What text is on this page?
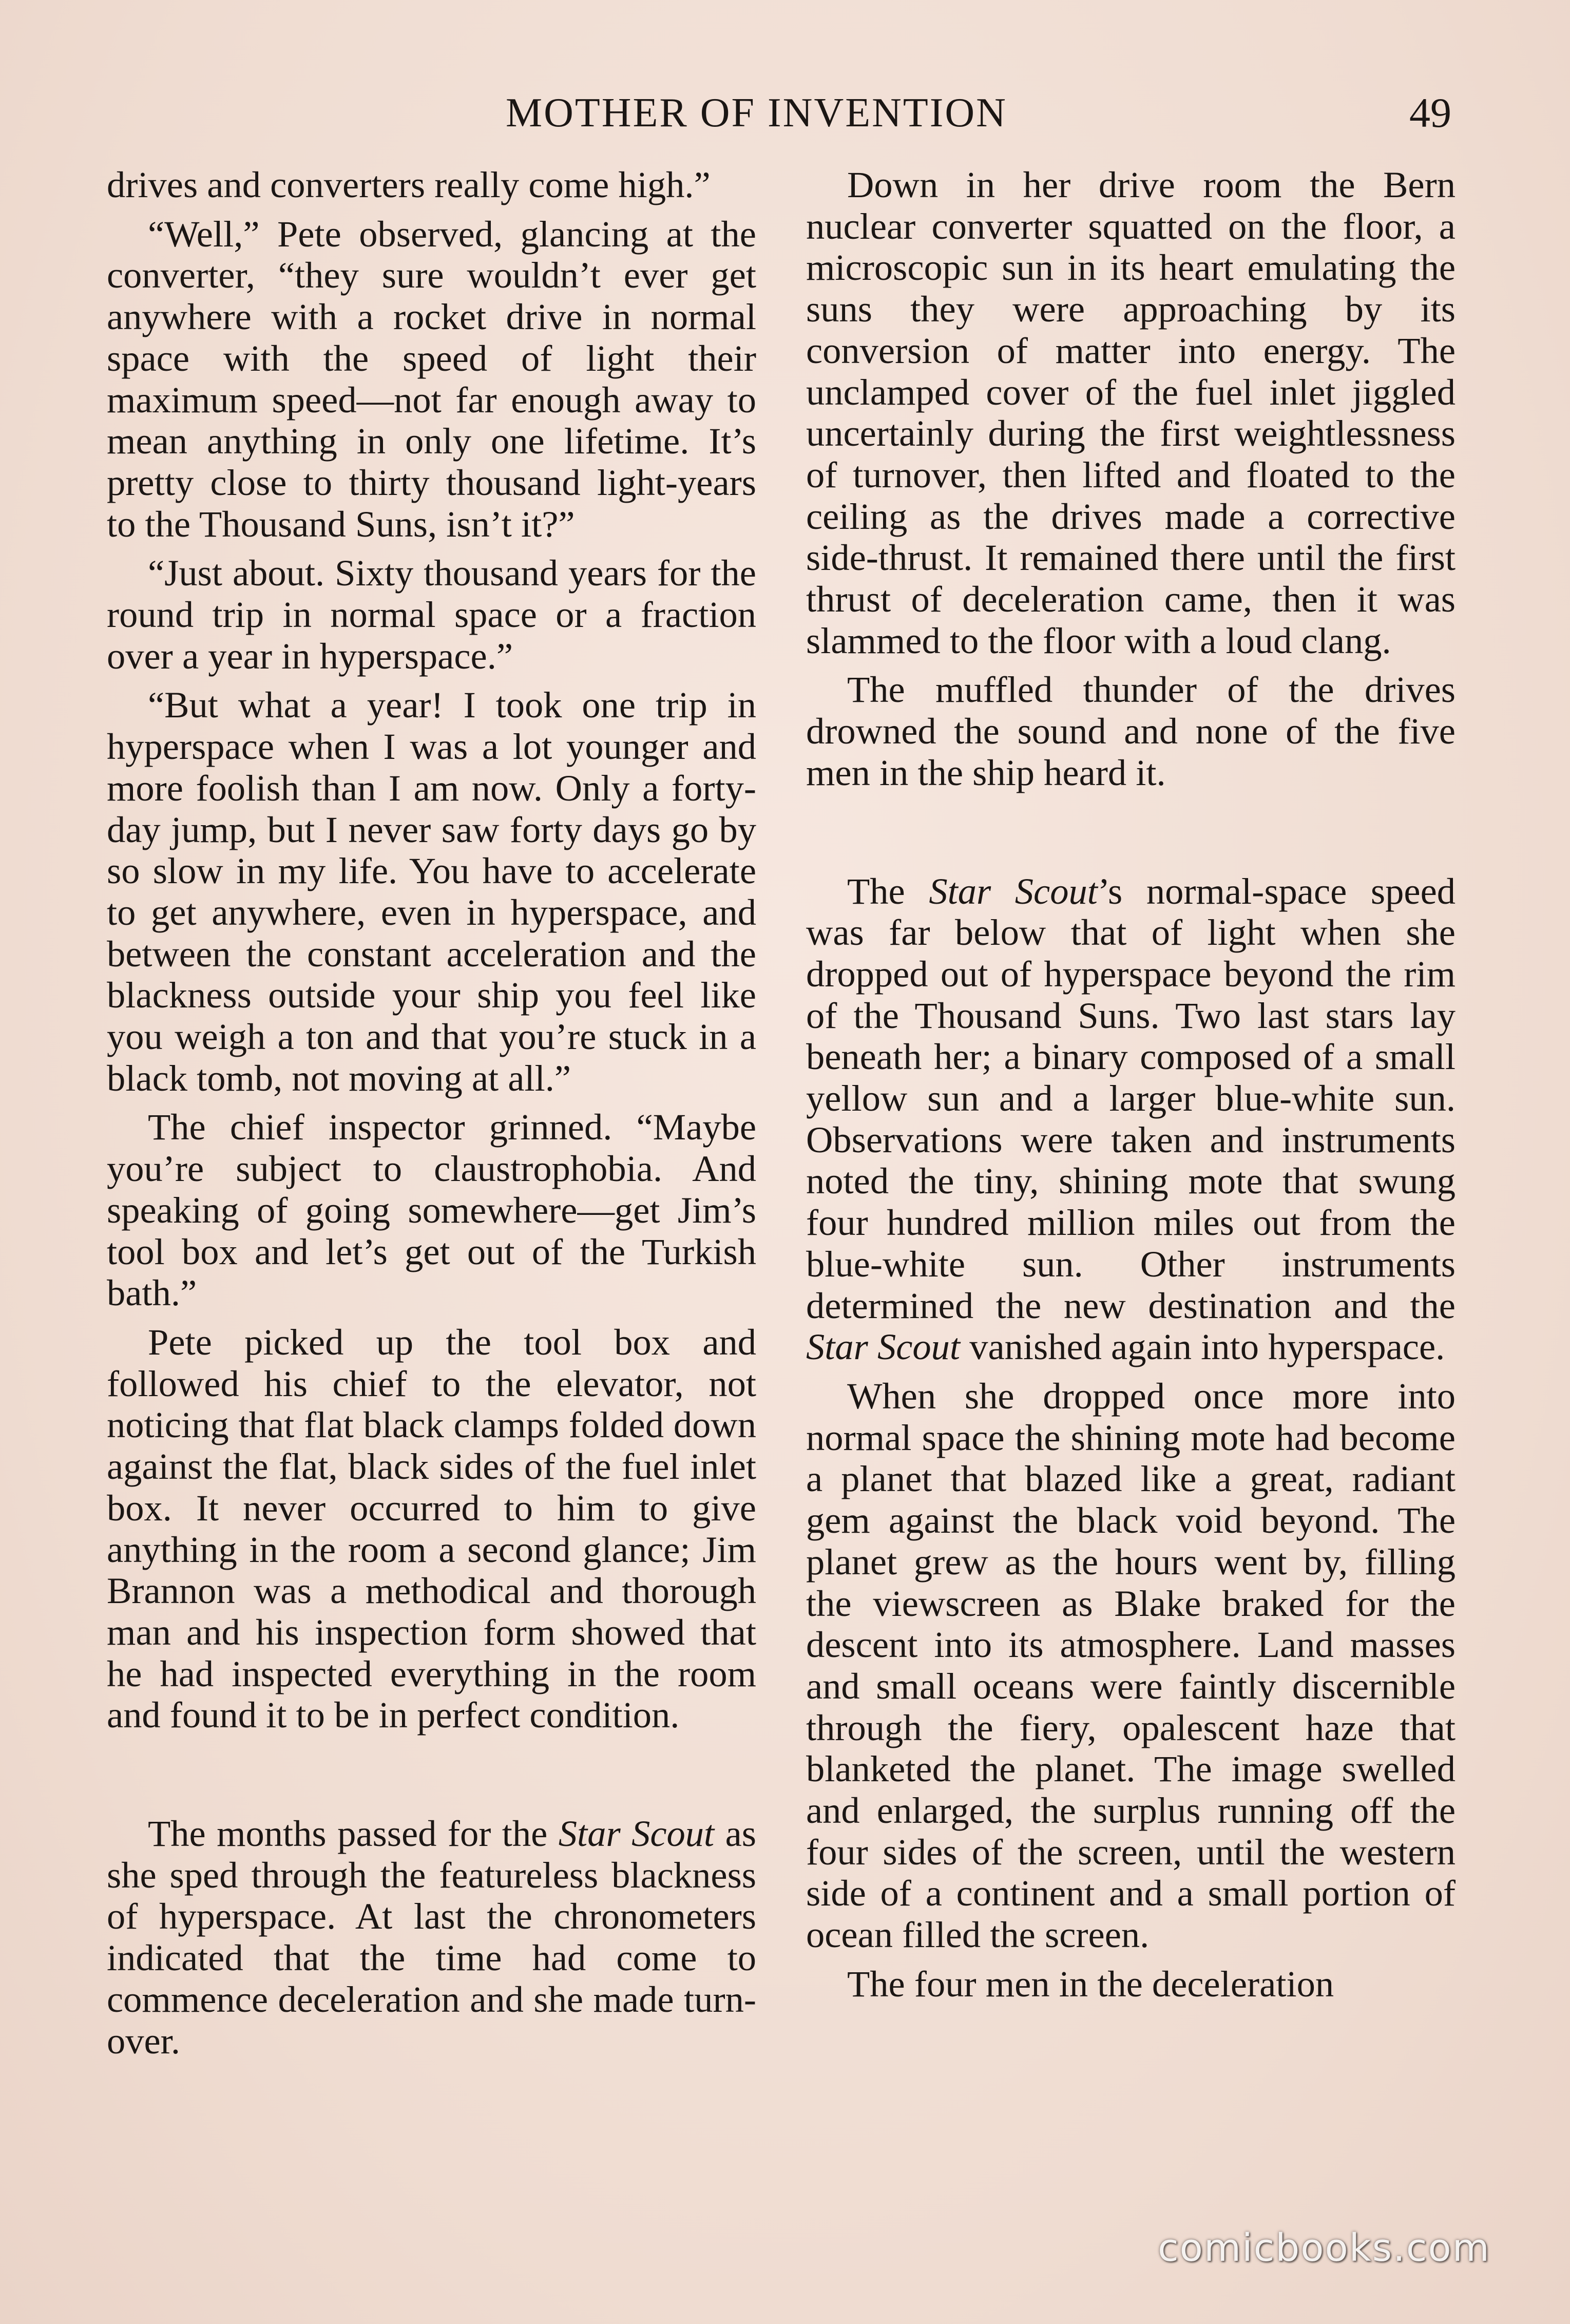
MOTHER OF INVENTION	49

drives and converters really come high.”

“Well,” Pete observed, glancing at the converter, “they sure wouldn’t ever get anywhere with a rocket drive in normal space with the speed of light their maximum speed—not far enough away to mean anything in only one lifetime. It’s pretty close to thirty thousand light-years to the Thousand Suns, isn’t it?”

“Just about. Sixty thousand years for the round trip in normal space or a fraction over a year in hyperspace.”

“But what a year! I took one trip in hyperspace when I was a lot younger and more foolish than I am now. Only a forty-day jump, but I never saw forty days go by so slow in my life. You have to accelerate to get anywhere, even in hyperspace, and between the constant acceleration and the blackness outside your ship you feel like you weigh a ton and that you’re stuck in a black tomb, not moving at all.”

The chief inspector grinned. “Maybe you’re subject to claustrophobia. And speaking of going somewhere—get Jim’s tool box and let’s get out of the Turkish bath.”

Pete picked up the tool box and followed his chief to the elevator, not noticing that flat black clamps folded down against the flat, black sides of the fuel inlet box. It never occurred to him to give anything in the room a second glance; Jim Brannon was a methodical and thorough man and his inspection form showed that he had inspected everything in the room and found it to be in perfect condition.

The months passed for the Star Scout as she sped through the featureless blackness of hyperspace. At last the chronometers indicated that the time had come to commence deceleration and she made turn-over.

Down in her drive room the Bern nuclear converter squatted on the floor, a microscopic sun in its heart emulating the suns they were approaching by its conversion of matter into energy. The unclamped cover of the fuel inlet jiggled uncertainly during the first weightlessness of turnover, then lifted and floated to the ceiling as the drives made a corrective side-thrust. It remained there until the first thrust of deceleration came, then it was slammed to the floor with a loud clang.

The muffled thunder of the drives drowned the sound and none of the five men in the ship heard it.

The Star Scout’s normal-space speed was far below that of light when she dropped out of hyperspace beyond the rim of the Thousand Suns. Two last stars lay beneath her; a binary composed of a small yellow sun and a larger blue-white sun. Observations were taken and instruments noted the tiny, shining mote that swung four hundred million miles out from the blue-white sun. Other instruments determined the new destination and the Star Scout vanished again into hyperspace.

When she dropped once more into normal space the shining mote had become a planet that blazed like a great, radiant gem against the black void beyond. The planet grew as the hours went by, filling the viewscreen as Blake braked for the descent into its atmosphere. Land masses and small oceans were faintly discernible through the fiery, opalescent haze that blanketed the planet. The image swelled and enlarged, the surplus running off the four sides of the screen, until the western side of a continent and a small portion of ocean filled the screen.

The four men in the deceleration

comicbooks.com
